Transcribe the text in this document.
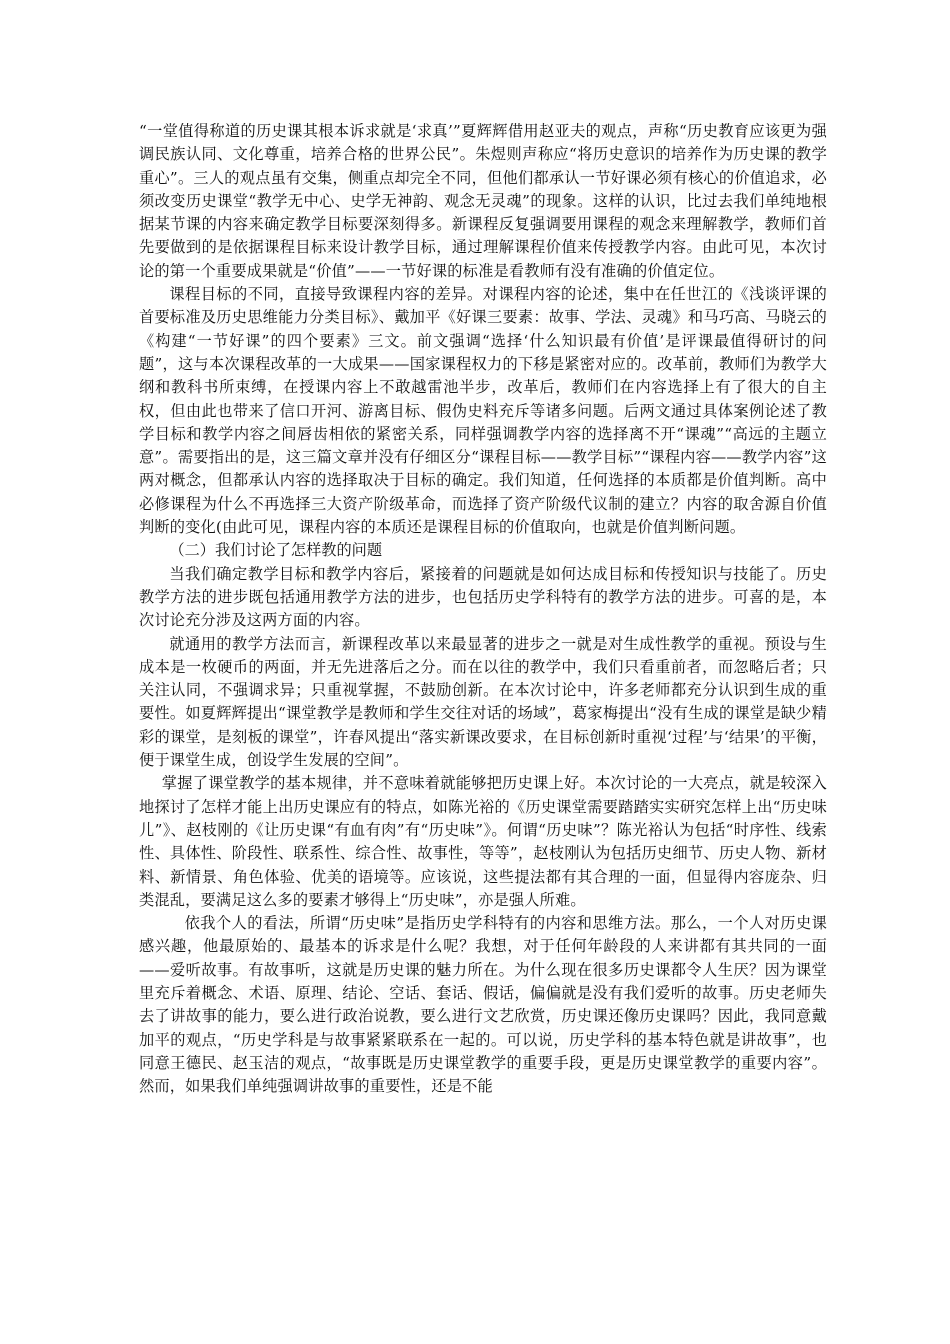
“一堂值得称道的历史课其根本诉求就是‘求真’”夏辉辉借用赵亚夫的观点，声称“历史教育应该更为强调民族认同、文化尊重，培养合格的世界公民”。朱煜则声称应“将历史意识的培养作为历史课的教学重心”。三人的观点虽有交集，侧重点却完全不同，但他们都承认一节好课必须有核心的价值追求，必须改变历史课堂“教学无中心、史学无神韵、观念无灵魂”的现象。这样的认识，比过去我们单纯地根据某节课的内容来确定教学目标要深刻得多。新课程反复强调要用课程的观念来理解教学，教师们首先要做到的是依据课程目标来设计教学目标，通过理解课程价值来传授教学内容。由此可见，本次讨论的第一个重要成果就是“价值”——一节好课的标准是看教师有没有准确的价值定位。

课程目标的不同，直接导致课程内容的差异。对课程内容的论述，集中在任世江的《浅谈评课的首要标准及历史思维能力分类目标》、戴加平《好课三要素：故事、学法、灵魂》和马巧高、马晓云的《构建“一节好课”的四个要素》三文。前文强调“选择‘什么知识最有价值’是评课最值得研讨的问题”，这与本次课程改革的一大成果——国家课程权力的下移是紧密对应的。改革前，教师们为教学大纲和教科书所束缚，在授课内容上不敢越雷池半步，改革后，教师们在内容选择上有了很大的自主权，但由此也带来了信口开河、游离目标、假伪史料充斥等诸多问题。后两文通过具体案例论述了教学目标和教学内容之间唇齿相依的紧密关系，同样强调教学内容的选择离不开“课魂”“高远的主题立意”。需要指出的是，这三篇文章并没有仔细区分“课程目标——教学目标”“课程内容——教学内容”这两对概念，但都承认内容的选择取决于目标的确定。我们知道，任何选择的本质都是价值判断。高中必修课程为什么不再选择三大资产阶级革命，而选择了资产阶级代议制的建立？内容的取舍源自价值判断的变化(由此可见，课程内容的本质还是课程目标的价值取向，也就是价值判断问题。

（二）我们讨论了怎样教的问题

当我们确定教学目标和教学内容后，紧接着的问题就是如何达成目标和传授知识与技能了。历史教学方法的进步既包括通用教学方法的进步，也包括历史学科特有的教学方法的进步。可喜的是，本次讨论充分涉及这两方面的内容。

就通用的教学方法而言，新课程改革以来最显著的进步之一就是对生成性教学的重视。预设与生成本是一枚硬币的两面，并无先进落后之分。而在以往的教学中，我们只看重前者，而忽略后者；只关注认同，不强调求异；只重视掌握，不鼓励创新。在本次讨论中，许多老师都充分认识到生成的重要性。如夏辉辉提出“课堂教学是教师和学生交往对话的场域”，葛家梅提出“没有生成的课堂是缺少精彩的课堂，是刻板的课堂”，许春风提出“落实新课改要求，在目标创新时重视‘过程’与‘结果’的平衡，便于课堂生成，创设学生发展的空间”。

掌握了课堂教学的基本规律，并不意味着就能够把历史课上好。本次讨论的一大亮点，就是较深入地探讨了怎样才能上出历史课应有的特点，如陈光裕的《历史课堂需要踏踏实实研究怎样上出“历史味儿”》、赵枝刚的《让历史课“有血有肉”有“历史味”》。何谓“历史味”？陈光裕认为包括“时序性、线索性、具体性、阶段性、联系性、综合性、故事性，等等”，赵枝刚认为包括历史细节、历史人物、新材料、新情景、角色体验、优美的语境等。应该说，这些提法都有其合理的一面，但显得内容庞杂、归类混乱，要满足这么多的要素才够得上“历史味”，亦是强人所难。

依我个人的看法，所谓“历史味”是指历史学科特有的内容和思维方法。那么，一个人对历史课感兴趣，他最原始的、最基本的诉求是什么呢？我想，对于任何年龄段的人来讲都有其共同的一面——爱听故事。有故事听，这就是历史课的魅力所在。为什么现在很多历史课都令人生厌？因为课堂里充斥着概念、术语、原理、结论、空话、套话、假话，偏偏就是没有我们爱听的故事。历史老师失去了讲故事的能力，要么进行政治说教，要么进行文艺欣赏，历史课还像历史课吗？因此，我同意戴加平的观点，“历史学科是与故事紧紧联系在一起的。可以说，历史学科的基本特色就是讲故事”，也同意王德民、赵玉洁的观点，“故事既是历史课堂教学的重要手段，更是历史课堂教学的重要内容”。然而，如果我们单纯强调讲故事的重要性，还是不能
